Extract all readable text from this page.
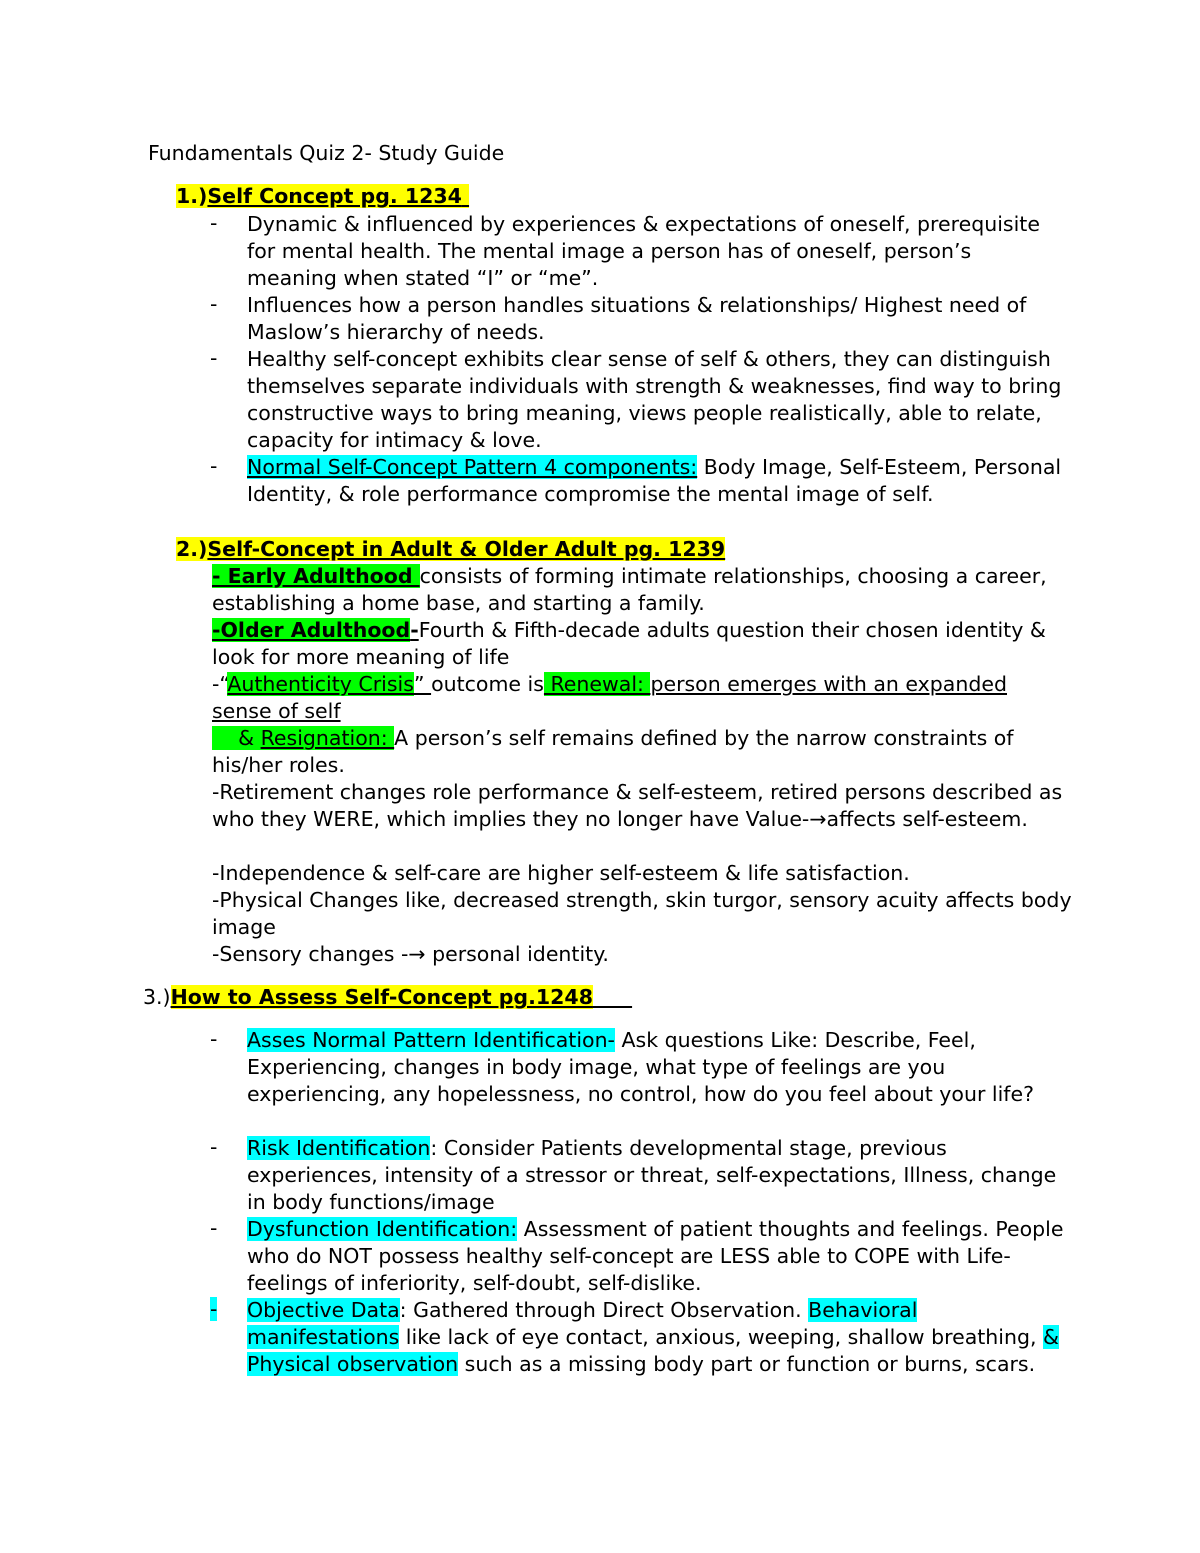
Fundamentals Quiz 2- Study Guide
1.)Self Concept pg. 1234
- Dynamic & influenced by experiences & expectations of oneself, prerequisite for mental health. The mental image a person has of oneself, person’s meaning when stated “I” or “me”.
- Influences how a person handles situations & relationships/ Highest need of Maslow’s hierarchy of needs.
- Healthy self-concept exhibits clear sense of self & others, they can distinguish themselves separate individuals with strength & weaknesses, find way to bring constructive ways to bring meaning, views people realistically, able to relate, capacity for intimacy & love.
- Normal Self-Concept Pattern 4 components: Body Image, Self-Esteem, Personal Identity, & role performance compromise the mental image of self.
2.)Self-Concept in Adult & Older Adult pg. 1239
- Early Adulthood consists of forming intimate relationships, choosing a career, establishing a home base, and starting a family.
-Older Adulthood-Fourth & Fifth-decade adults question their chosen identity & look for more meaning of life
-“Authenticity Crisis” outcome is Renewal: person emerges with an expanded sense of self
& Resignation: A person’s self remains defined by the narrow constraints of his/her roles.
-Retirement changes role performance & self-esteem, retired persons described as who they WERE, which implies they no longer have Value-→affects self-esteem.
-Independence & self-care are higher self-esteem & life satisfaction.
-Physical Changes like, decreased strength, skin turgor, sensory acuity affects body image
-Sensory changes -→ personal identity.
3.)How to Assess Self-Concept pg.1248
- Asses Normal Pattern Identification- Ask questions Like: Describe, Feel, Experiencing, changes in body image, what type of feelings are you experiencing, any hopelessness, no control, how do you feel about your life?
- Risk Identification: Consider Patients developmental stage, previous experiences, intensity of a stressor or threat, self-expectations, Illness, change in body functions/image
- Dysfunction Identification: Assessment of patient thoughts and feelings. People who do NOT possess healthy self-concept are LESS able to COPE with Life-feelings of inferiority, self-doubt, self-dislike.
- Objective Data: Gathered through Direct Observation. Behavioral manifestations like lack of eye contact, anxious, weeping, shallow breathing, & Physical observation such as a missing body part or function or burns, scars.
